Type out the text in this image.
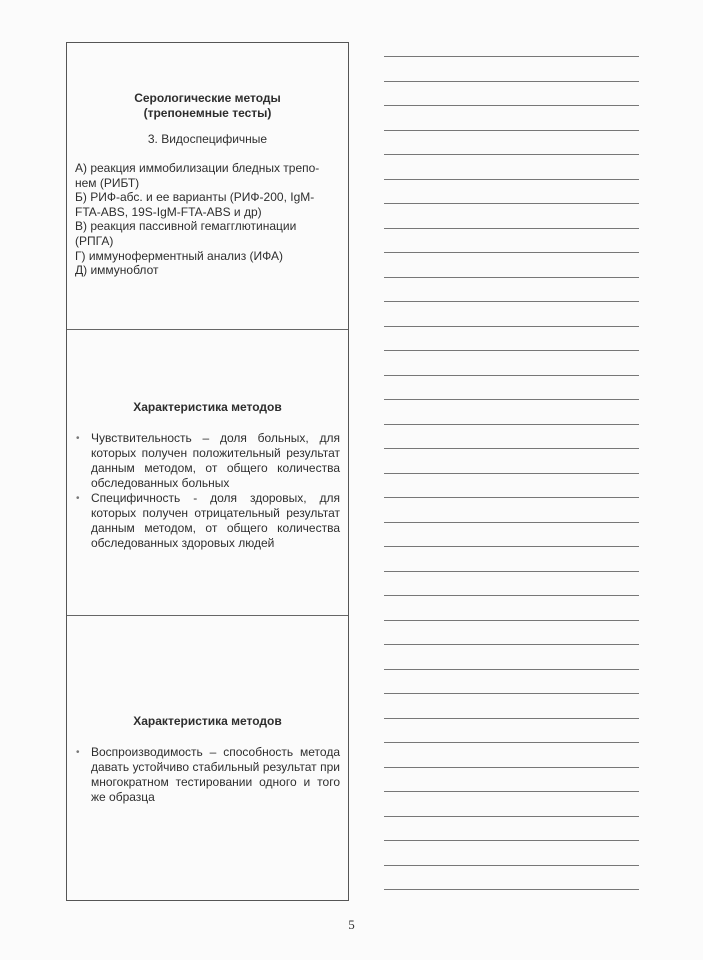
Серологические методы
(трепонемные тесты)

3. Видоспецифичные

А) реакция иммобилизации бледных трепо-
нем (РИБТ)
Б) РИФ-абс. и ее варианты (РИФ-200, IgM-
FTA-ABS, 19S-IgM-FTA-ABS и др)
В) реакция пассивной гемагглютинации
(РПГА)
Г) иммуноферментный анализ (ИФА)
Д) иммуноблот

Характеристика методов

• Чувствительность – доля больных, для которых получен положительный результат данным методом, от общего количества обследованных больных
• Специфичность - доля здоровых, для которых получен отрицательный результат данным методом, от общего количества обследованных здоровых людей

Характеристика методов

• Воспроизводимость – способность метода давать устойчиво стабильный результат при многократном тестировании одного и того же образца
5
